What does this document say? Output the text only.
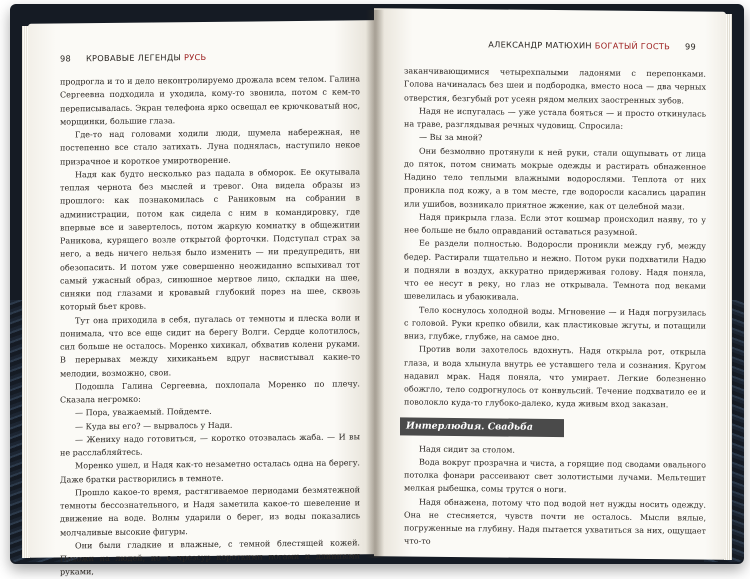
98 КРОВАВЫЕ ЛЕГЕНДЫ РУСЬ

продрогла и то и дело неконтролируемо дрожала всем телом. Галина Сергеевна подходила и уходила, кому-то звонила, потом с кем-то переписывалась. Экран телефона ярко освещал ее крючковатый нос, морщинки, большие глаза.

Где-то над головами ходили люди, шумела набережная, не постепенно все стало затихать. Луна поднялась, наступило некое призрачное и короткое умиротворение.

Надя как будто несколько раз падала в обморок. Ее окутывала теплая чернота без мыслей и тревог. Она видела образы из прошлого: как познакомилась с Раниковым на собрании в администрации, потом как сидела с ним в командировку, где впервые все и завертелось, потом жаркую комнатку в общежитии Раникова, курящего возле открытой форточки. Подступал страх за него, а ведь ничего нельзя было изменить — ни предупредить, ни обезопасить. И потом уже совершенно неожиданно вспыхивал тот самый ужасный образ, синюшное мертвое лицо, складки на шее, синяки под глазами и кровавый глубокий порез на шее, сквозь который бьет кровь.

Тут она приходила в себя, пугалась от темноты и плеска воли и понимала, что все еще сидит на берегу Волги. Сердце колотилось, сил больше не осталось. Моренко хихикал, обхватив колени руками. В перерывах между хихиканьем вдруг насвистывал какие-то мелодии, возможно, свои.

Подошла Галина Сергеевна, похлопала Моренко по плечу. Сказала негромко:

— Пора, уважаемый. Пойдемте.

— Куда вы его? — вырвалось у Нади.

— Жениху надо готовиться, — коротко отозвалась жаба. — И вы не расслабляйтесь.

Моренко ушел, и Надя как-то незаметно осталась одна на берегу. Даже братки растворились в темноте.

Прошло какое-то время, растягиваемое периодами безмятежной темноты бессознательного, и Надя заметила какое-то шевеление и движение на воде. Волны ударили о берег, из воды показались молчаливые высокие фигуры.

Они были гладкие и влажные, с темной блестящей кожей. Похожи на людей, но с чрезсур короткими ногами и длинными руками,

АЛЕКСАНДР МАТЮХИН БОГАТЫЙ ГОСТЬ 99

заканчивающимися четырехпалыми ладонями с перепонками. Голова начиналась без шеи и подбородка, вместо носа — два черных отверстия, безгубый рот усеян рядом мелких заостренных зубов.

Надя не испугалась — уже устала бояться — и просто откинулась на траве, разглядывая речных чудовищ. Спросила:

— Вы за мной?

Они безмолвно протянули к ней руки, стали ощупывать от лица до пяток, потом снимать мокрые одежды и растирать обнаженное Надино тело теплыми влажными водорослями. Теплота от них проникла под кожу, а в том месте, где водоросли касались царапин или ушибов, возникало приятное жжение, как от целебной мази.

Надя прикрыла глаза. Если этот кошмар происходил наяву, то у нее больше не было оправданий оставаться разумной.

Ее раздели полностью. Водоросли проникли между губ, между бедер. Растирали тщательно и нежно. Потом руки подхватили Надю и подняли в воздух, аккуратно придерживая голову. Надя поняла, что ее несут в реку, но глаз не открывала. Темнота под веками шевелилась и убаюкивала.

Тело коснулось холодной воды. Мгновение — и Надя погрузилась с головой. Руки крепко обвили, как пластиковые жгуты, и потащили вниз, глубже, глубже, на самое дно.

Против воли захотелось вдохнуть. Надя открыла рот, открыла глаза, и вода хлынула внутрь ее уставшего тела и сознания. Кругом надавил мрак. Надя поняла, что умирает. Легкие болезненно обожгло, тело содрогнулось от конвульсий. Течение подхватило ее и поволокло куда-то глубоко-далеко, куда живым вход заказан.

Интерлюдия. Свадьба

Надя сидит за столом.

Вода вокруг прозрачна и чиста, а горящие под сводами овального потолка фонари рассеивают свет золотистыми лучами. Мельтешит мелкая рыбешка, сомы трутся о ноги.

Надя обнажена, потому что под водой нет нужды носить одежду. Она не стесняется, чувств почти не осталось. Мысли вялые, погруженные на глубину. Надя пытается ухватиться за них, ощущает что-то
